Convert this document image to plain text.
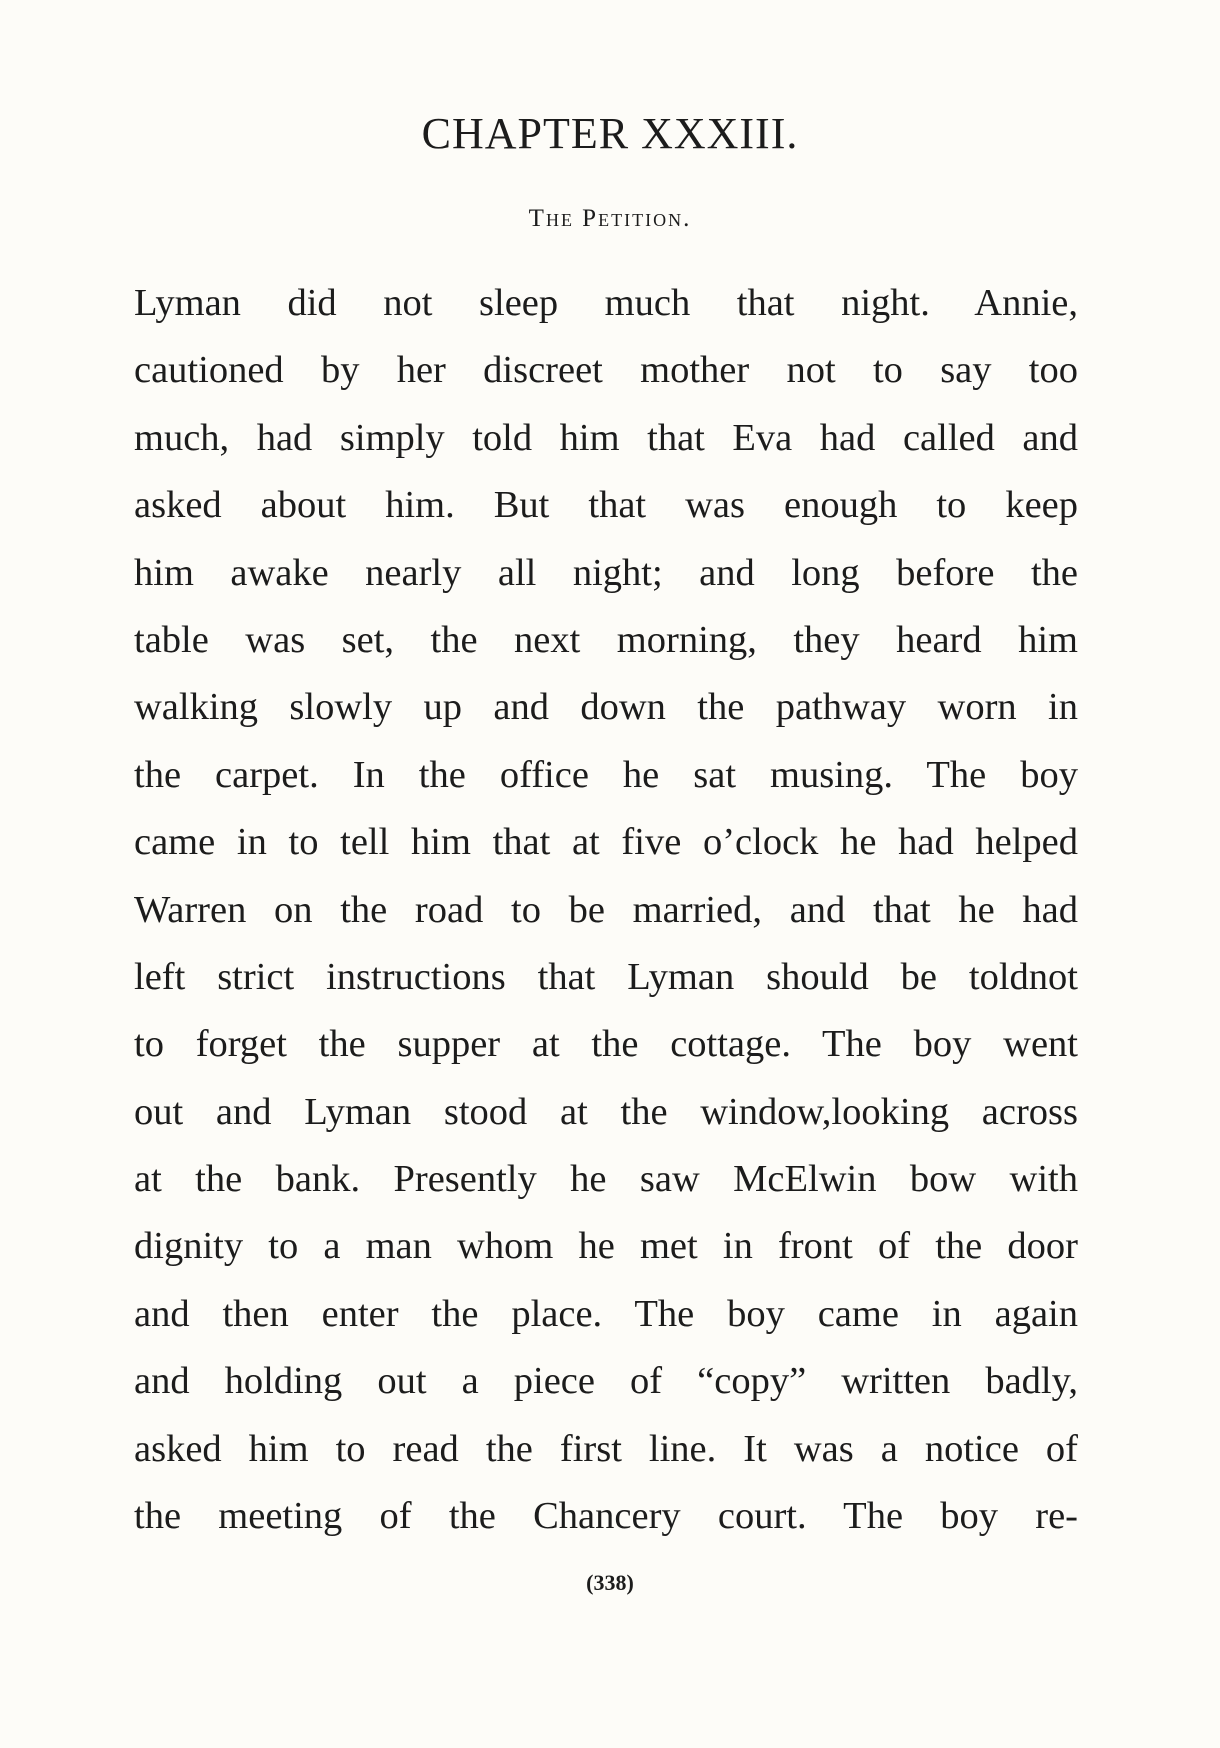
CHAPTER XXXIII.
The Petition.
Lyman did not sleep much that night. Annie,
cautioned by her discreet mother not to say too
much, had simply told him that Eva had called and
asked about him. But that was enough to keep
him awake nearly all night; and long before the
table was set, the next morning, they heard him
walking slowly up and down the pathway worn in
the carpet. In the office he sat musing. The boy
came in to tell him that at five o’clock he had helped
Warren on the road to be married, and that he had
left strict instructions that Lyman should be toldnot
to forget the supper at the cottage. The boy went
out and Lyman stood at the window,looking across
at the bank. Presently he saw McElwin bow with
dignity to a man whom he met in front of the door
and then enter the place. The boy came in again
and holding out a piece of “copy” written badly,
asked him to read the first line. It was a notice of
the meeting of the Chancery court. The boy re-
(338)
